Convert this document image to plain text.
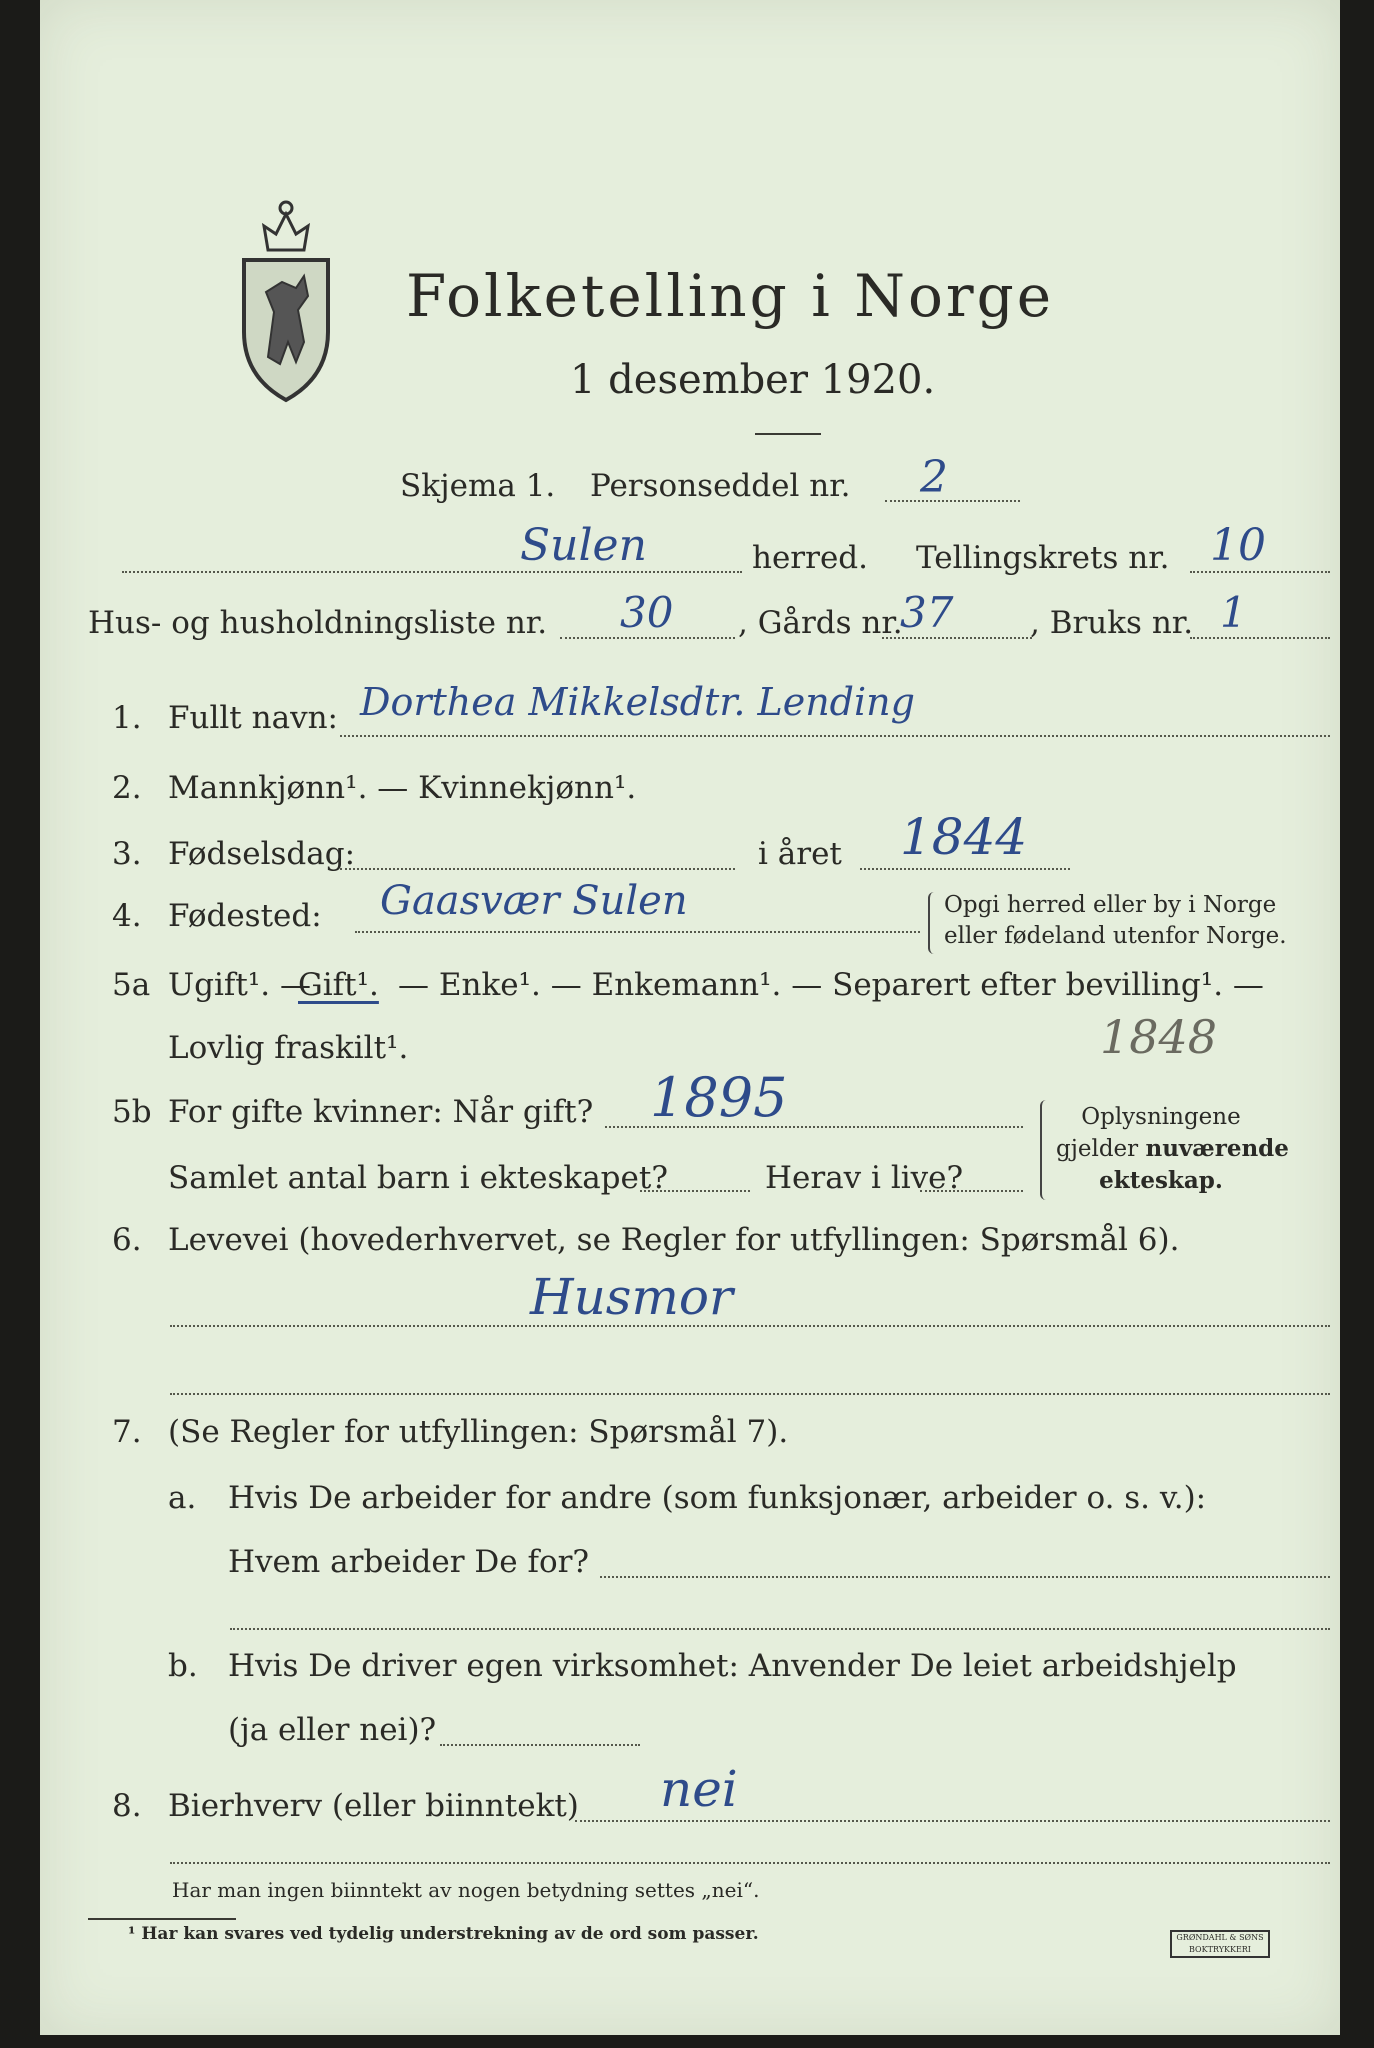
Folketelling i Norge
1 desember 1920.
Skjema 1. Personseddel nr. 2
Sulen	herred. Tellingskrets nr. 10
Hus- og husholdningsliste nr. 30 , Gårds nr.
37 , Bruks nr. 1
1. Fullt navn: Dorthea Mikkelsdtr. Lending
2. Mannkjønn¹. — Kvinnekjønn¹.
3. Fødselsdag:	i året 1844
4. Fødested: Gaasvær Sulen	Opgi herred eller by i Norge
eller fødeland utenfor Norge.
5a Ugift¹. —
Gift¹. — Enke¹. — Enkemann¹. — Separert efter bevilling¹. —
Lovlig fraskilt¹.	1848
5b For gifte kvinner: Når gift? 1895
Samlet antal barn i ekteskapet?	Herav i live?
Oplysningene
gjelder nuværende
ekteskap.
6. Levevei (hovederhvervet, se Regler for utfyllingen: Spørsmål 6).
Husmor
7. (Se Regler for utfyllingen: Spørsmål 7).
a. Hvis De arbeider for andre (som funksjonær, arbeider o. s. v.):
Hvem arbeider De for?
b. Hvis De driver egen virksomhet: Anvender De leiet arbeidshjelp
(ja eller nei)?
8. Bierhverv (eller biinntekt) nei
Har man ingen biinntekt av nogen betydning settes „nei“.
¹ Har kan svares ved tydelig understrekning av de ord som passer.	GRØNDAHL & SØNS BOKTRYKKERI
